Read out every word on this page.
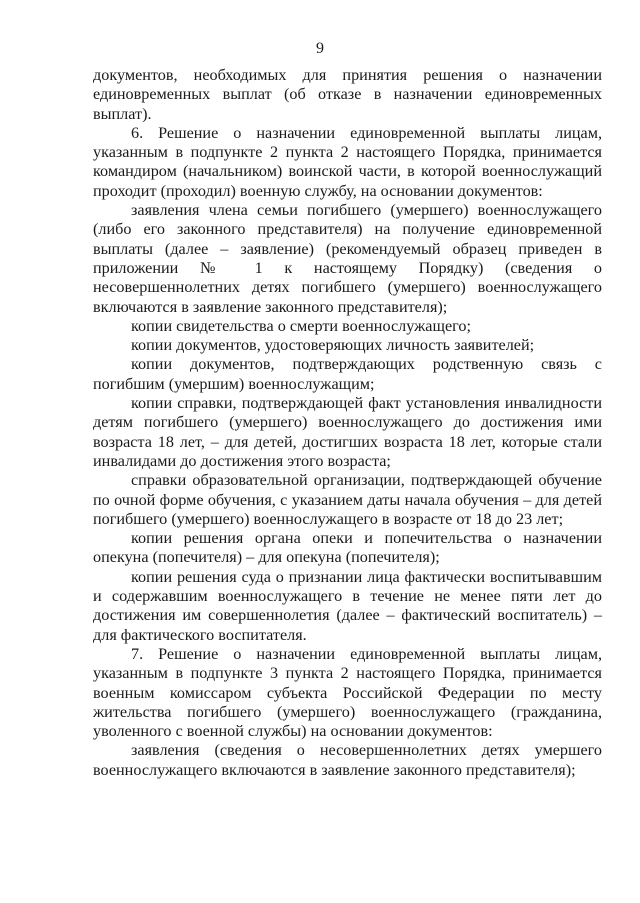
9

документов, необходимых для принятия решения о назначении единовременных выплат (об отказе в назначении единовременных выплат).

6. Решение о назначении единовременной выплаты лицам, указанным в подпункте 2 пункта 2 настоящего Порядка, принимается командиром (начальником) воинской части, в которой военнослужащий проходит (проходил) военную службу, на основании документов:

заявления члена семьи погибшего (умершего) военнослужащего (либо его законного представителя) на получение единовременной выплаты (далее – заявление) (рекомендуемый образец приведен в приложении № 1 к настоящему Порядку) (сведения о несовершеннолетних детях погибшего (умершего) военнослужащего включаются в заявление законного представителя);

копии свидетельства о смерти военнослужащего;

копии документов, удостоверяющих личность заявителей;

копии документов, подтверждающих родственную связь с погибшим (умершим) военнослужащим;

копии справки, подтверждающей факт установления инвалидности детям погибшего (умершего) военнослужащего до достижения ими возраста 18 лет, – для детей, достигших возраста 18 лет, которые стали инвалидами до достижения этого возраста;

справки образовательной организации, подтверждающей обучение по очной форме обучения, с указанием даты начала обучения – для детей погибшего (умершего) военнослужащего в возрасте от 18 до 23 лет;

копии решения органа опеки и попечительства о назначении опекуна (попечителя) – для опекуна (попечителя);

копии решения суда о признании лица фактически воспитывавшим и содержавшим военнослужащего в течение не менее пяти лет до достижения им совершеннолетия (далее – фактический воспитатель) – для фактического воспитателя.

7. Решение о назначении единовременной выплаты лицам, указанным в подпункте 3 пункта 2 настоящего Порядка, принимается военным комиссаром субъекта Российской Федерации по месту жительства погибшего (умершего) военнослужащего (гражданина, уволенного с военной службы) на основании документов:

заявления (сведения о несовершеннолетних детях умершего военнослужащего включаются в заявление законного представителя);
